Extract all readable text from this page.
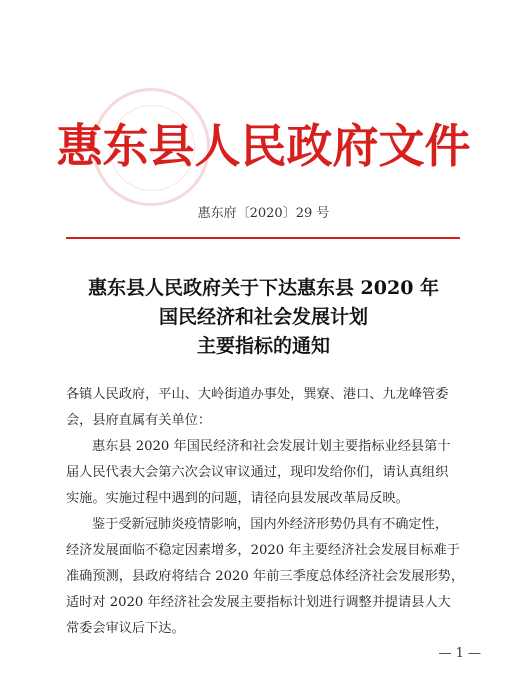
惠东县人民政府文件
惠东府〔2020〕29 号
惠东县人民政府关于下达惠东县 2020 年
国民经济和社会发展计划
主要指标的通知
各镇人民政府，平山、大岭街道办事处，巽寮、港口、九龙峰管委
会，县府直属有关单位：
惠东县 2020 年国民经济和社会发展计划主要指标业经县第十
届人民代表大会第六次会议审议通过，现印发给你们，请认真组织
实施。实施过程中遇到的问题，请径向县发展改革局反映。
鉴于受新冠肺炎疫情影响，国内外经济形势仍具有不确定性，
经济发展面临不稳定因素增多，2020 年主要经济社会发展目标难于
准确预测，县政府将结合 2020 年前三季度总体经济社会发展形势，
适时对 2020 年经济社会发展主要指标计划进行调整并提请县人大
常委会审议后下达。
— 1 —
